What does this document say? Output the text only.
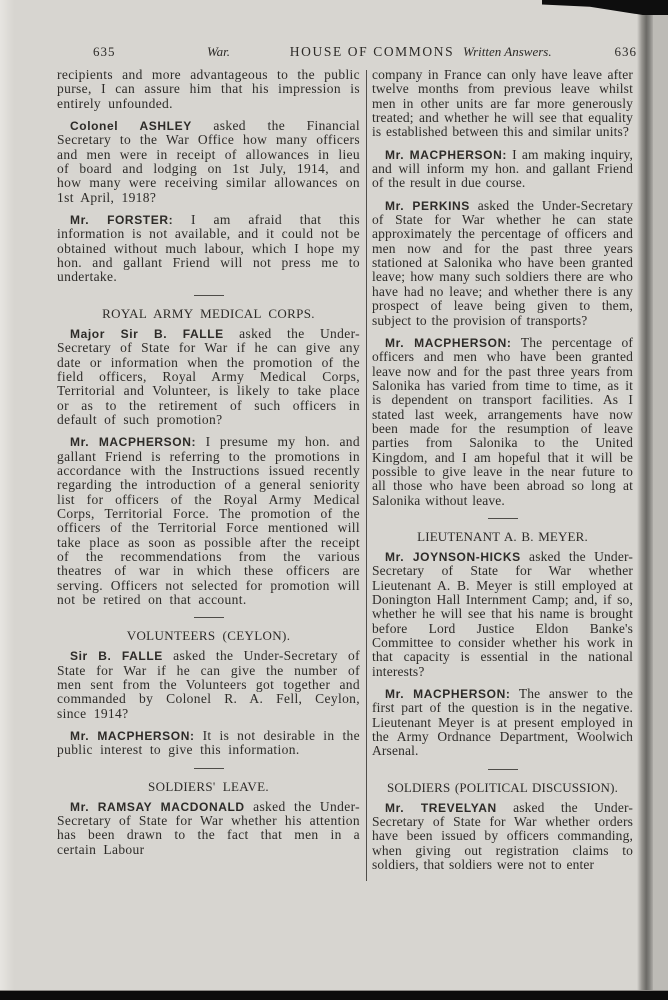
635	War.	HOUSE OF COMMONS Written Answers.	636

recipients and more advantageous to the public purse, I can assure him that his impression is entirely unfounded.

Colonel ASHLEY asked the Financial Secretary to the War Office how many officers and men were in receipt of allowances in lieu of board and lodging on 1st July, 1914, and how many were receiving similar allowances on 1st April, 1918?

Mr. FORSTER: I am afraid that this information is not available, and it could not be obtained without much labour, which I hope my hon. and gallant Friend will not press me to undertake.

ROYAL ARMY MEDICAL CORPS.

Major Sir B. FALLE asked the Under-Secretary of State for War if he can give any date or information when the promotion of the field officers, Royal Army Medical Corps, Territorial and Volunteer, is likely to take place or as to the retirement of such officers in default of such promotion?

Mr. MACPHERSON: I presume my hon. and gallant Friend is referring to the promotions in accordance with the Instructions issued recently regarding the introduction of a general seniority list for officers of the Royal Army Medical Corps, Territorial Force. The promotion of the officers of the Territorial Force mentioned will take place as soon as possible after the receipt of the recommendations from the various theatres of war in which these officers are serving. Officers not selected for promotion will not be retired on that account.

VOLUNTEERS (CEYLON).

Sir B. FALLE asked the Under-Secretary of State for War if he can give the number of men sent from the Volunteers got together and commanded by Colonel R. A. Fell, Ceylon, since 1914?

Mr. MACPHERSON: It is not desirable in the public interest to give this information.

SOLDIERS' LEAVE.

Mr. RAMSAY MACDONALD asked the Under-Secretary of State for War whether his attention has been drawn to the fact that men in a certain Labour

company in France can only have leave after twelve months from previous leave whilst men in other units are far more generously treated; and whether he will see that equality is established between this and similar units?

Mr. MACPHERSON: I am making inquiry, and will inform my hon. and gallant Friend of the result in due course.

Mr. PERKINS asked the Under-Secretary of State for War whether he can state approximately the percentage of officers and men now and for the past three years stationed at Salonika who have been granted leave; how many such soldiers there are who have had no leave; and whether there is any prospect of leave being given to them, subject to the provision of transports?

Mr. MACPHERSON: The percentage of officers and men who have been granted leave now and for the past three years from Salonika has varied from time to time, as it is dependent on transport facilities. As I stated last week, arrangements have now been made for the resumption of leave parties from Salonika to the United Kingdom, and I am hopeful that it will be possible to give leave in the near future to all those who have been abroad so long at Salonika without leave.

LIEUTENANT A. B. MEYER.

Mr. JOYNSON-HICKS asked the Under-Secretary of State for War whether Lieutenant A. B. Meyer is still employed at Donington Hall Internment Camp; and, if so, whether he will see that his name is brought before Lord Justice Eldon Banke's Committee to consider whether his work in that capacity is essential in the national interests?

Mr. MACPHERSON: The answer to the first part of the question is in the negative. Lieutenant Meyer is at present employed in the Army Ordnance Department, Woolwich Arsenal.

SOLDIERS (POLITICAL DISCUSSION).

Mr. TREVELYAN asked the Under-Secretary of State for War whether orders have been issued by officers commanding, when giving out registration claims to soldiers, that soldiers were not to enter
